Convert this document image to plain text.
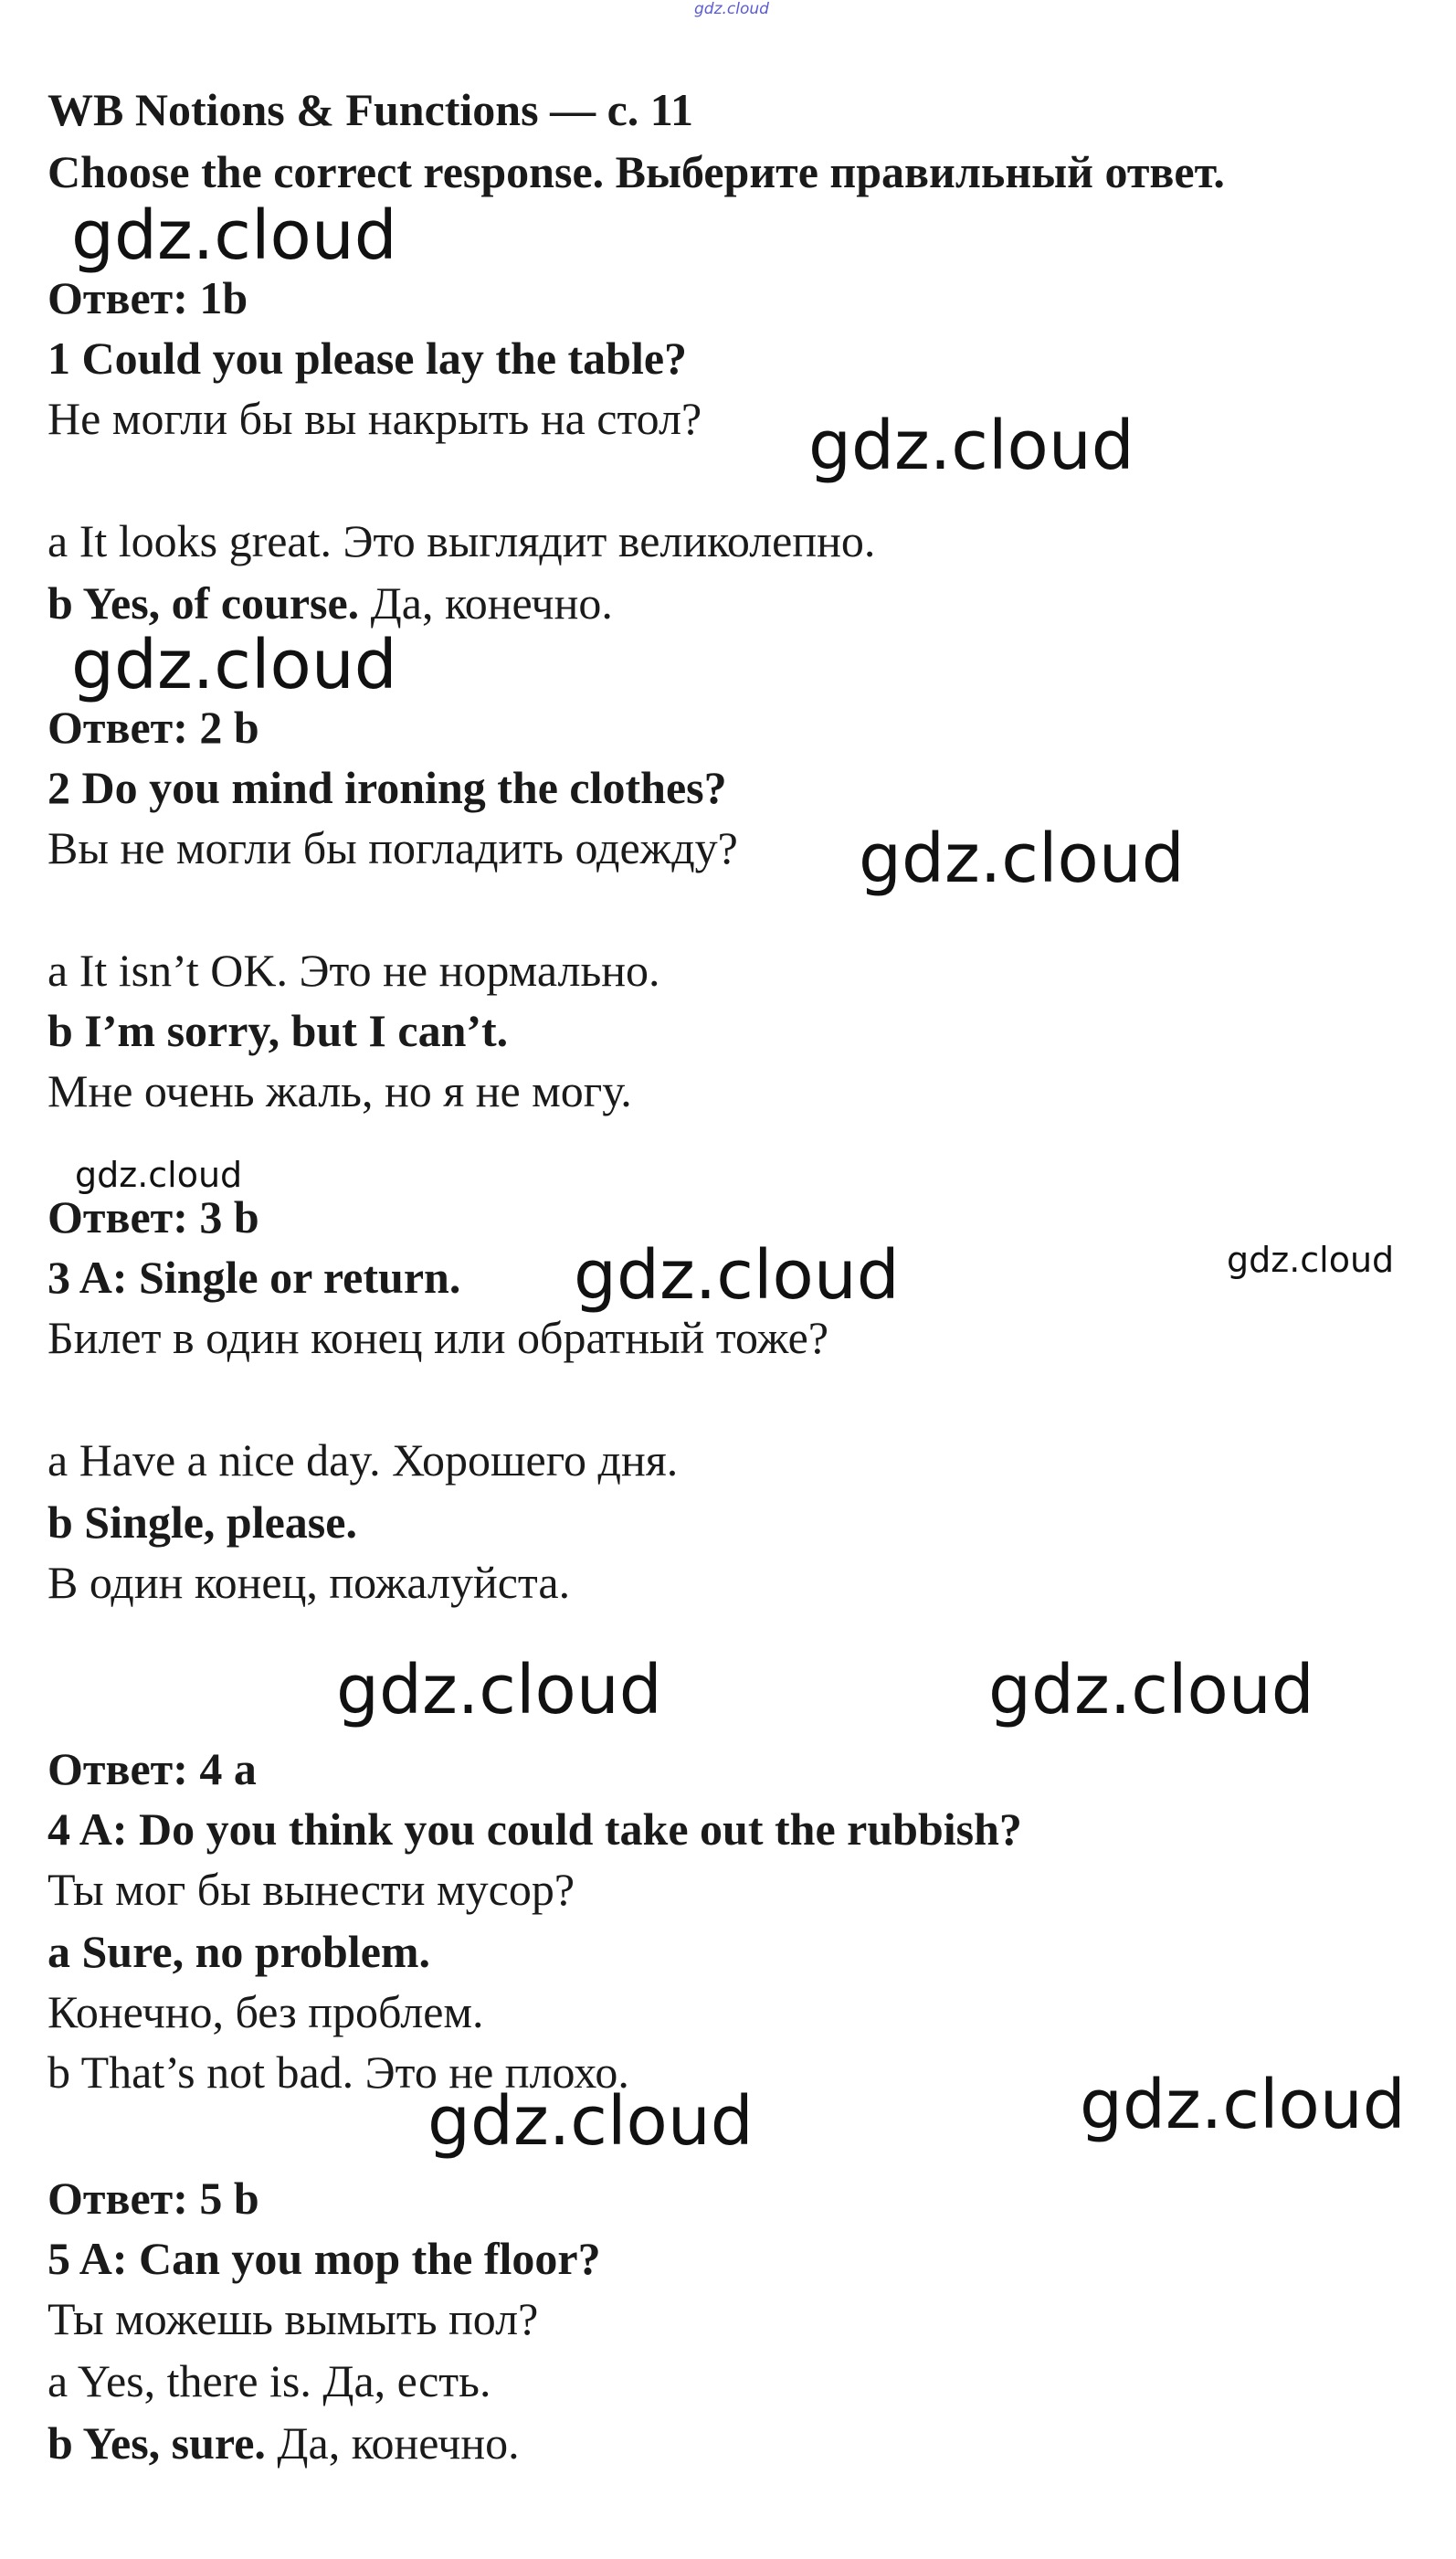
gdz.cloud
WB Notions & Functions — c. 11
Choose the correct response. Выберите правильный ответ.
gdz.cloud
Ответ: 1b
1 Could you please lay the table?
Не могли бы вы накрыть на стол? gdz.cloud
a It looks great. Это выглядит великолепно.
b Yes, of course. Да, конечно.
gdz.cloud
Ответ: 2 b
2 Do you mind ironing the clothes?
Вы не могли бы погладить одежду? gdz.cloud
a It isn’t OK. Это не нормально.
b I’m sorry, but I can’t.
Мне очень жаль, но я не могу.
gdz.cloud
Ответ: 3 b
3 A: Single or return. gdz.cloud	gdz.cloud
Билет в один конец или обратный тоже?
a Have a nice day. Хорошего дня.
b Single, please.
В один конец, пожалуйста.
gdz.cloud	gdz.cloud
Ответ: 4 a
4 A: Do you think you could take out the rubbish?
Ты мог бы вынести мусор?
a Sure, no problem.
Конечно, без проблем.
b That’s not bad. Это не плохо.	gdz.cloud
gdz.cloud
Ответ: 5 b
5 A: Can you mop the floor?
Ты можешь вымыть пол?
a Yes, there is. Да, есть.
b Yes, sure. Да, конечно.
